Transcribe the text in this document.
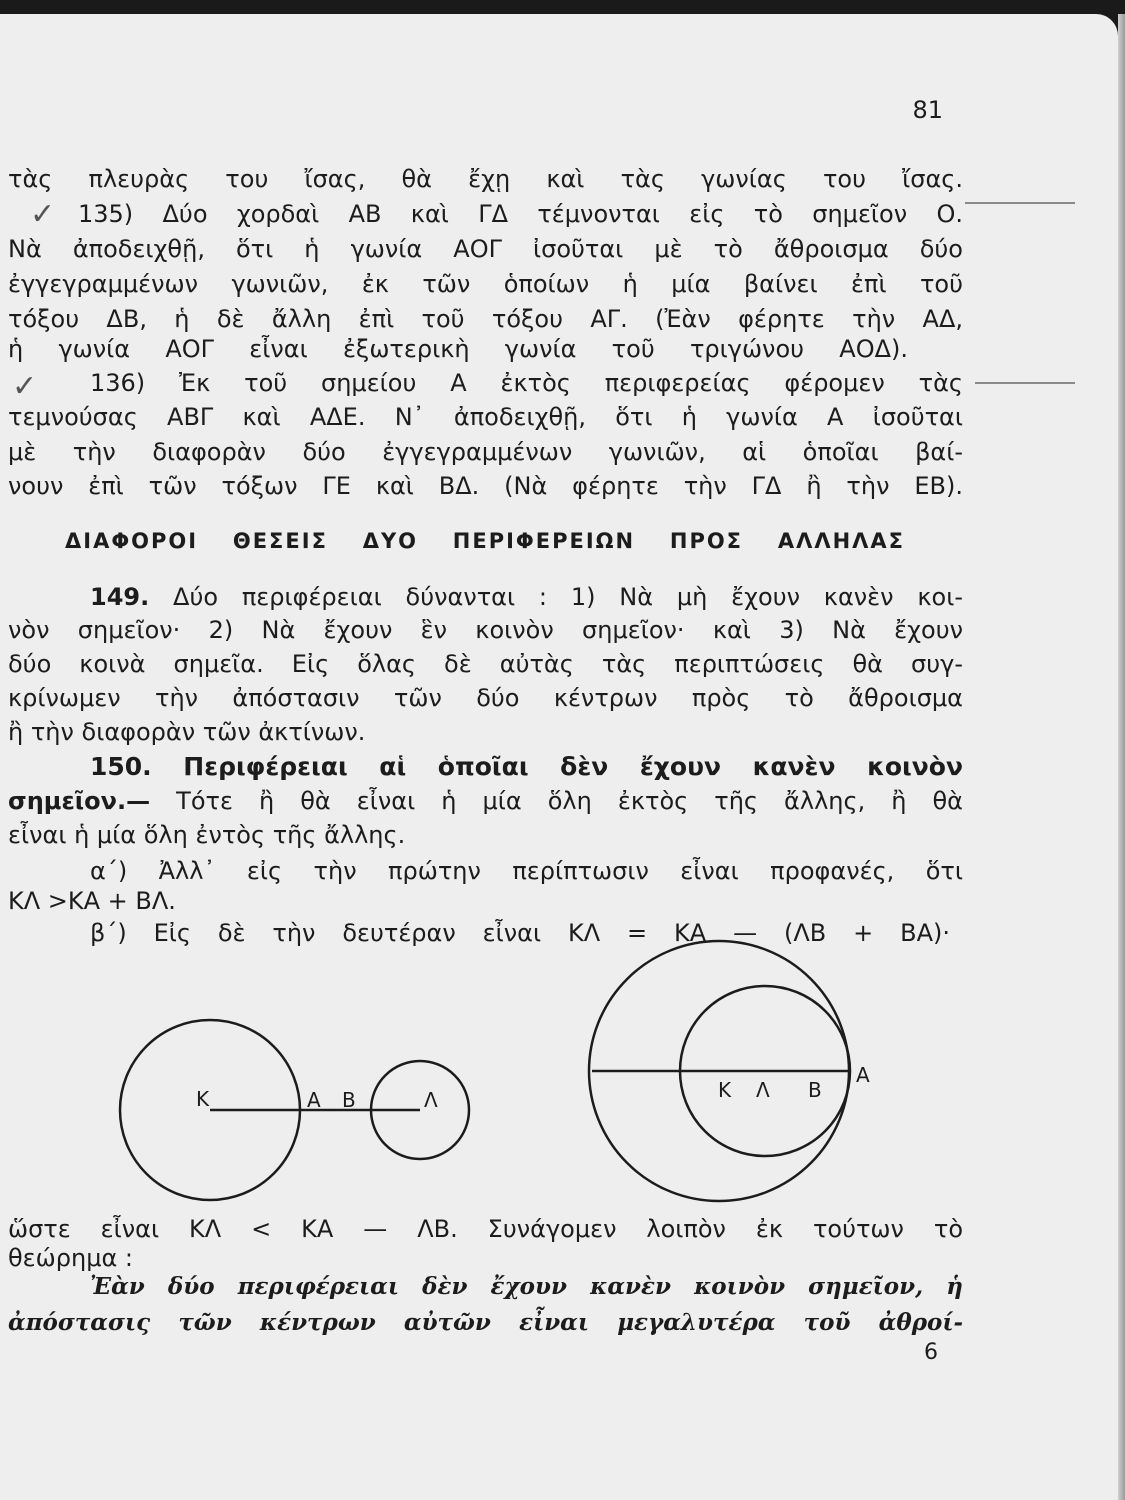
81
✓
✓
τὰς πλευρὰς του ἴσας, θὰ ἔχῃ καὶ τὰς γωνίας του ἴσας.
135) Δύο χορδαὶ ΑΒ καὶ ΓΔ τέμνονται εἰς τὸ σημεῖον Ο.
Νὰ ἀποδειχθῇ, ὅτι ἡ γωνία ΑΟΓ ἰσοῦται μὲ τὸ ἄθροισμα δύο
ἐγγεγραμμένων γωνιῶν, ἐκ τῶν ὁποίων ἡ μία βαίνει ἐπὶ τοῦ
τόξου ΔΒ, ἡ δὲ ἄλλη ἐπὶ τοῦ τόξου ΑΓ. (Ἐὰν φέρητε τὴν ΑΔ,
ἡ γωνία ΑΟΓ εἶναι ἐξωτερικὴ γωνία τοῦ τριγώνου ΑΟΔ).
136) Ἐκ τοῦ σημείου Α ἐκτὸς περιφερείας φέρομεν τὰς
τεμνούσας ΑΒΓ καὶ ΑΔΕ. Ν᾽ ἀποδειχθῇ, ὅτι ἡ γωνία Α ἰσοῦται
μὲ τὴν διαφορὰν δύο ἐγγεγραμμένων γωνιῶν, αἱ ὁποῖαι βαί-
νουν ἐπὶ τῶν τόξων ΓΕ καὶ ΒΔ. (Νὰ φέρητε τὴν ΓΔ ἢ τὴν ΕΒ).
ΔΙΑΦΟΡΟΙ ΘΕΣΕΙΣ ΔΥΟ ΠΕΡΙΦΕΡΕΙΩΝ ΠΡΟΣ ΑΛΛΗΛΑΣ
149. Δύο περιφέρειαι δύνανται : 1) Νὰ μὴ ἔχουν κανὲν κοι-
νὸν σημεῖον· 2) Νὰ ἔχουν ἓν κοινὸν σημεῖον· καὶ 3) Νὰ ἔχουν
δύο κοινὰ σημεῖα. Εἰς ὅλας δὲ αὐτὰς τὰς περιπτώσεις θὰ συγ-
κρίνωμεν τὴν ἀπόστασιν τῶν δύο κέντρων πρὸς τὸ ἄθροισμα
ἢ τὴν διαφορὰν τῶν ἀκτίνων.
150. Περιφέρειαι αἱ ὁποῖαι δὲν ἔχουν κανὲν κοινὸν
σημεῖον.— Τότε ἢ θὰ εἶναι ἡ μία ὅλη ἐκτὸς τῆς ἄλλης, ἢ θὰ
εἶναι ἡ μία ὅλη ἐντὸς τῆς ἄλλης.
α΄) Ἀλλ᾽ εἰς τὴν πρώτην περίπτωσιν εἶναι προφανές, ὅτι
ΚΛ >ΚΑ + ΒΛ.
β΄) Εἰς δὲ τὴν δευτέραν εἶναι ΚΛ = ΚΑ — (ΛΒ + ΒΑ)·
Κ	Α Β	Λ	Κ Λ Β
Α
ὥστε εἶναι ΚΛ < ΚΑ — ΛΒ. Συνάγομεν λοιπὸν ἐκ τούτων τὸ
θεώρημα :
Ἐὰν δύο περιφέρειαι δὲν ἔχουν κανὲν κοινὸν σημεῖον, ἡ
ἀπόστασις τῶν κέντρων αὐτῶν εἶναι μεγαλυτέρα τοῦ ἀθροί-
6
